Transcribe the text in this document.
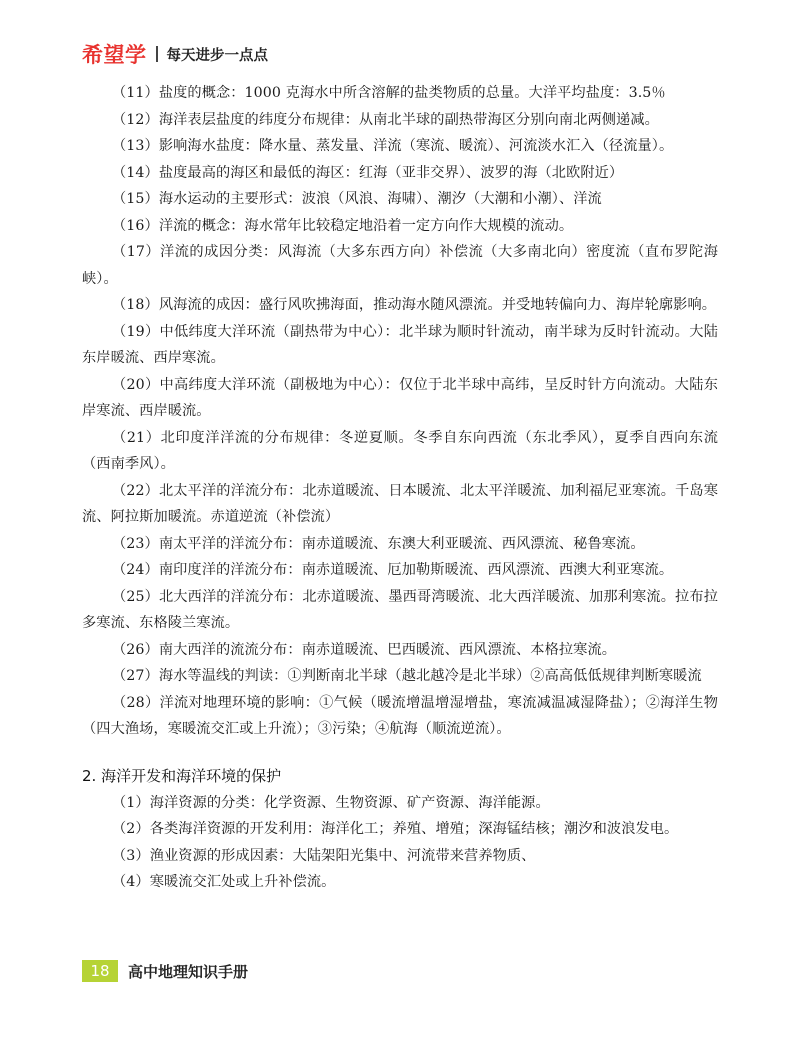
希望学 每天进步一点点

（11）盐度的概念：1000 克海水中所含溶解的盐类物质的总量。大洋平均盐度：3.5％

（12）海洋表层盐度的纬度分布规律：从南北半球的副热带海区分别向南北两侧递减。

（13）影响海水盐度：降水量、蒸发量、洋流（寒流、暖流）、河流淡水汇入（径流量）。

（14）盐度最高的海区和最低的海区：红海（亚非交界）、波罗的海（北欧附近）

（15）海水运动的主要形式：波浪（风浪、海啸）、潮汐（大潮和小潮）、洋流

（16）洋流的概念：海水常年比较稳定地沿着一定方向作大规模的流动。

（17）洋流的成因分类：风海流（大多东西方向）补偿流（大多南北向）密度流（直布罗陀海峡）。

（18）风海流的成因：盛行风吹拂海面，推动海水随风漂流。并受地转偏向力、海岸轮廓影响。

（19）中低纬度大洋环流（副热带为中心）：北半球为顺时针流动，南半球为反时针流动。大陆东岸暖流、西岸寒流。

（20）中高纬度大洋环流（副极地为中心）：仅位于北半球中高纬，呈反时针方向流动。大陆东岸寒流、西岸暖流。

（21）北印度洋洋流的分布规律：冬逆夏顺。冬季自东向西流（东北季风），夏季自西向东流（西南季风）。

（22）北太平洋的洋流分布：北赤道暖流、日本暖流、北太平洋暖流、加利福尼亚寒流。千岛寒流、阿拉斯加暖流。赤道逆流（补偿流）

（23）南太平洋的洋流分布：南赤道暖流、东澳大利亚暖流、西风漂流、秘鲁寒流。

（24）南印度洋的洋流分布：南赤道暖流、厄加勒斯暖流、西风漂流、西澳大利亚寒流。

（25）北大西洋的洋流分布：北赤道暖流、墨西哥湾暖流、北大西洋暖流、加那利寒流。拉布拉多寒流、东格陵兰寒流。

（26）南大西洋的流流分布：南赤道暖流、巴西暖流、西风漂流、本格拉寒流。

（27）海水等温线的判读：①判断南北半球（越北越冷是北半球）②高高低低规律判断寒暖流

（28）洋流对地理环境的影响：①气候（暖流增温增湿增盐，寒流减温减湿降盐）；②海洋生物（四大渔场，寒暖流交汇或上升流）；③污染；④航海（顺流逆流）。

2. 海洋开发和海洋环境的保护

（1）海洋资源的分类：化学资源、生物资源、矿产资源、海洋能源。

（2）各类海洋资源的开发利用：海洋化工；养殖、增殖；深海锰结核；潮汐和波浪发电。

（3）渔业资源的形成因素：大陆架阳光集中、河流带来营养物质、

（4）寒暖流交汇处或上升补偿流。

18	高中地理知识手册
